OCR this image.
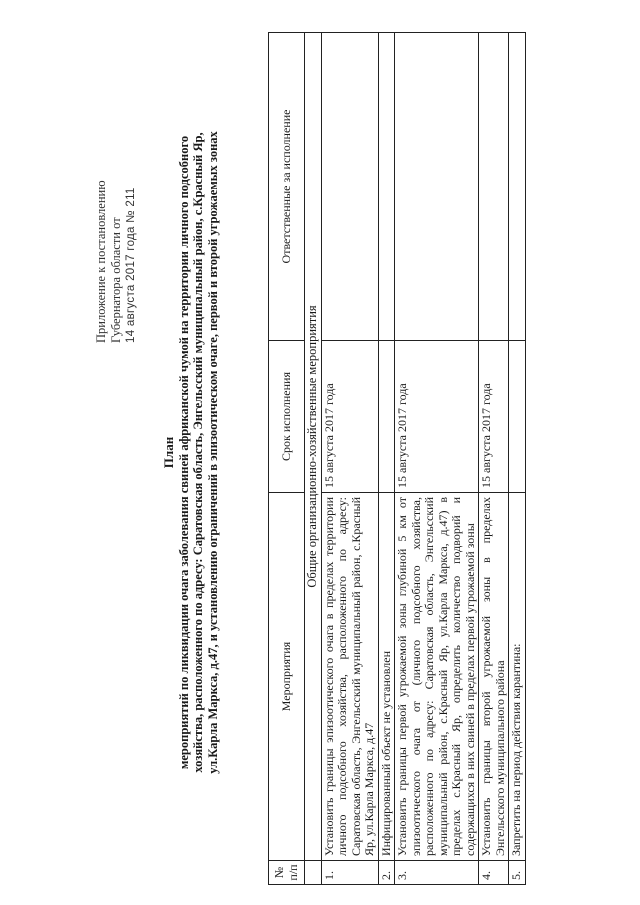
Приложение к постановлению Губернатора области от 14 августа 2017 года № 211
План мероприятий по ликвидации очага заболевания свиней африканской чумой на территории личного подсобного хозяйства, расположенного по адресу: Саратовская область, Энгельсский муниципальный район, с.Красный Яр, ул.Карла Маркса, д.47, и установлению ограничений в эпизоотическом очаге, первой и второй угрожаемых зонах
№ п/п	Мероприятия	Срок исполнения	Ответственные за исполнение
	Общие организационно-хозяйственные мероприятия		
1.	Установить границы эпизоотического очага в пределах территории личного подсобного хозяйства, расположенного по адресу: Саратовская область, Энгельсский муниципальный район, с.Красный Яр, ул.Карла Маркса, д.47	15 августа 2017 года	
2.	Инфицированный объект не установлен		
3.	Установить границы первой угрожаемой зоны глубиной 5 км от эпизоотического очага от (личного подсобного хозяйства, расположенного по адресу: Саратовская область, Энгельсский муниципальный район, с.Красный Яр, ул.Карла Маркса, д.47) в пределах с.Красный Яр, определить количество подворий и содержащихся в них свиней в пределах первой угрожаемой зоны	15 августа 2017 года	
4.	Установить границы второй угрожаемой зоны в пределах Энгельсского муниципального района	15 августа 2017 года	
5.	Запретить на период действия карантина:		
